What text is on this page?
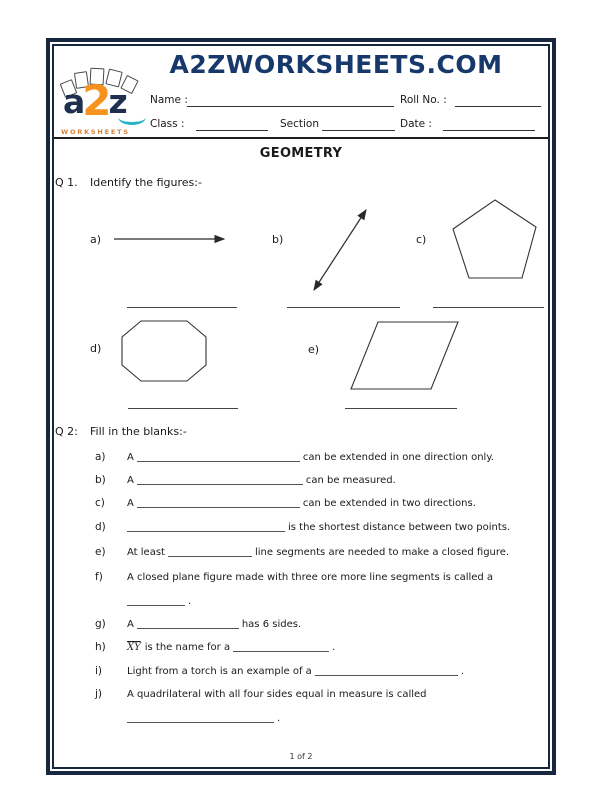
A2ZWORKSHEETS.COM
a2z
WORKSHEETS
Name :	Roll No. :
Class :	Section	Date :
GEOMETRY
Q 1. Identify the figures:-
a)	b)	c)
d)	e)
Q 2: Fill in the blanks:-
a) A	can be extended in one direction only.
b) A	can be measured.
c) A	can be extended in two directions.
d)	is the shortest distance between two points.
e) At least	line segments are needed to make a closed figure.
f) A closed plane figure made with three ore more line segments is called a
.
g) A	has 6 sides.
h) $\overline{XY}$ is the name for a	.
i) Light from a torch is an example of a	.
j) A quadrilateral with all four sides equal in measure is called
.
1 of 2
